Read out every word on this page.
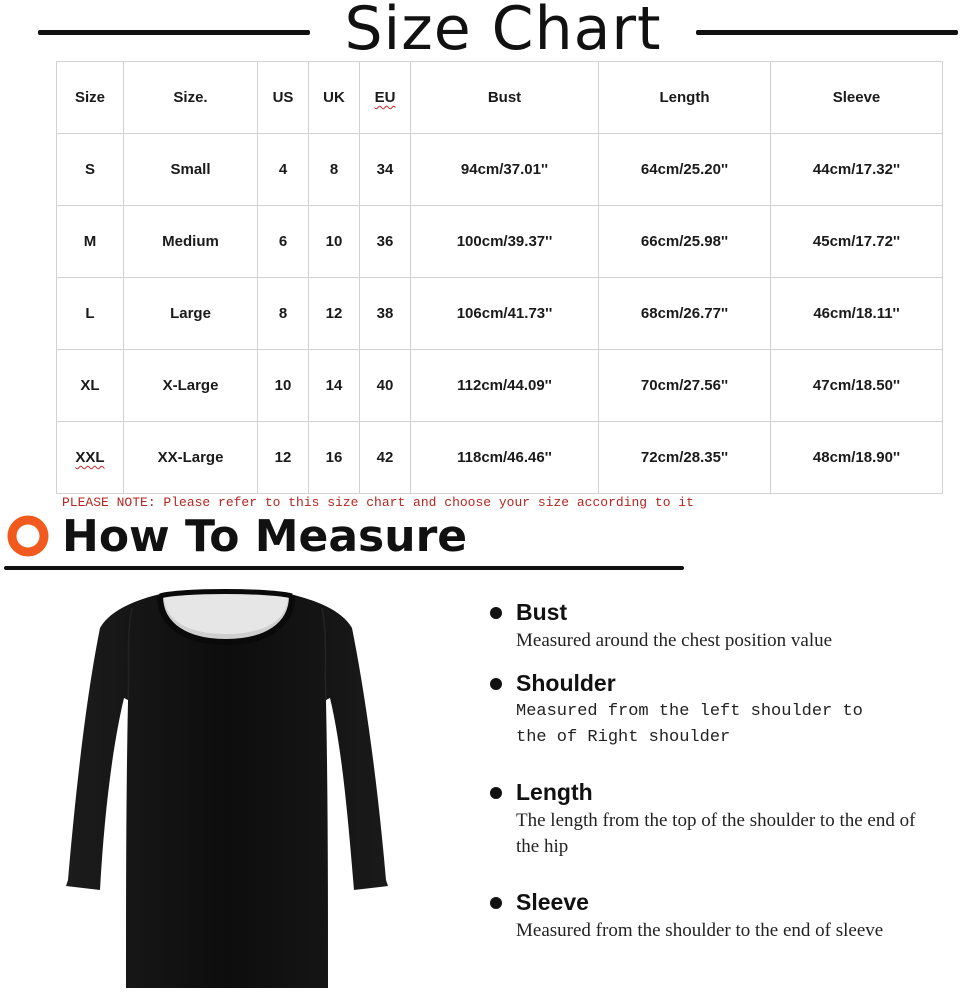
Size Chart
Size	Size.	US	UK	EU	Bust	Length	Sleeve
S	Small	4	8	34	94cm/37.01''	64cm/25.20''	44cm/17.32''
M	Medium	6	10	36	100cm/39.37''	66cm/25.98''	45cm/17.72''
L	Large	8	12	38	106cm/41.73''	68cm/26.77''	46cm/18.11''
XL	X-Large	10	14	40	112cm/44.09''	70cm/27.56''	47cm/18.50''
XXL	XX-Large	12	16	42	118cm/46.46''	72cm/28.35''	48cm/18.90''
PLEASE NOTE: Please refer to this size chart and choose your size according to it
How To Measure
Bust
Measured around the chest position value
Shoulder
Measured from the left shoulder to the of Right shoulder
Length
The length from the top of the shoulder to the end of the hip
Sleeve
Measured from the shoulder to the end of sleeve
